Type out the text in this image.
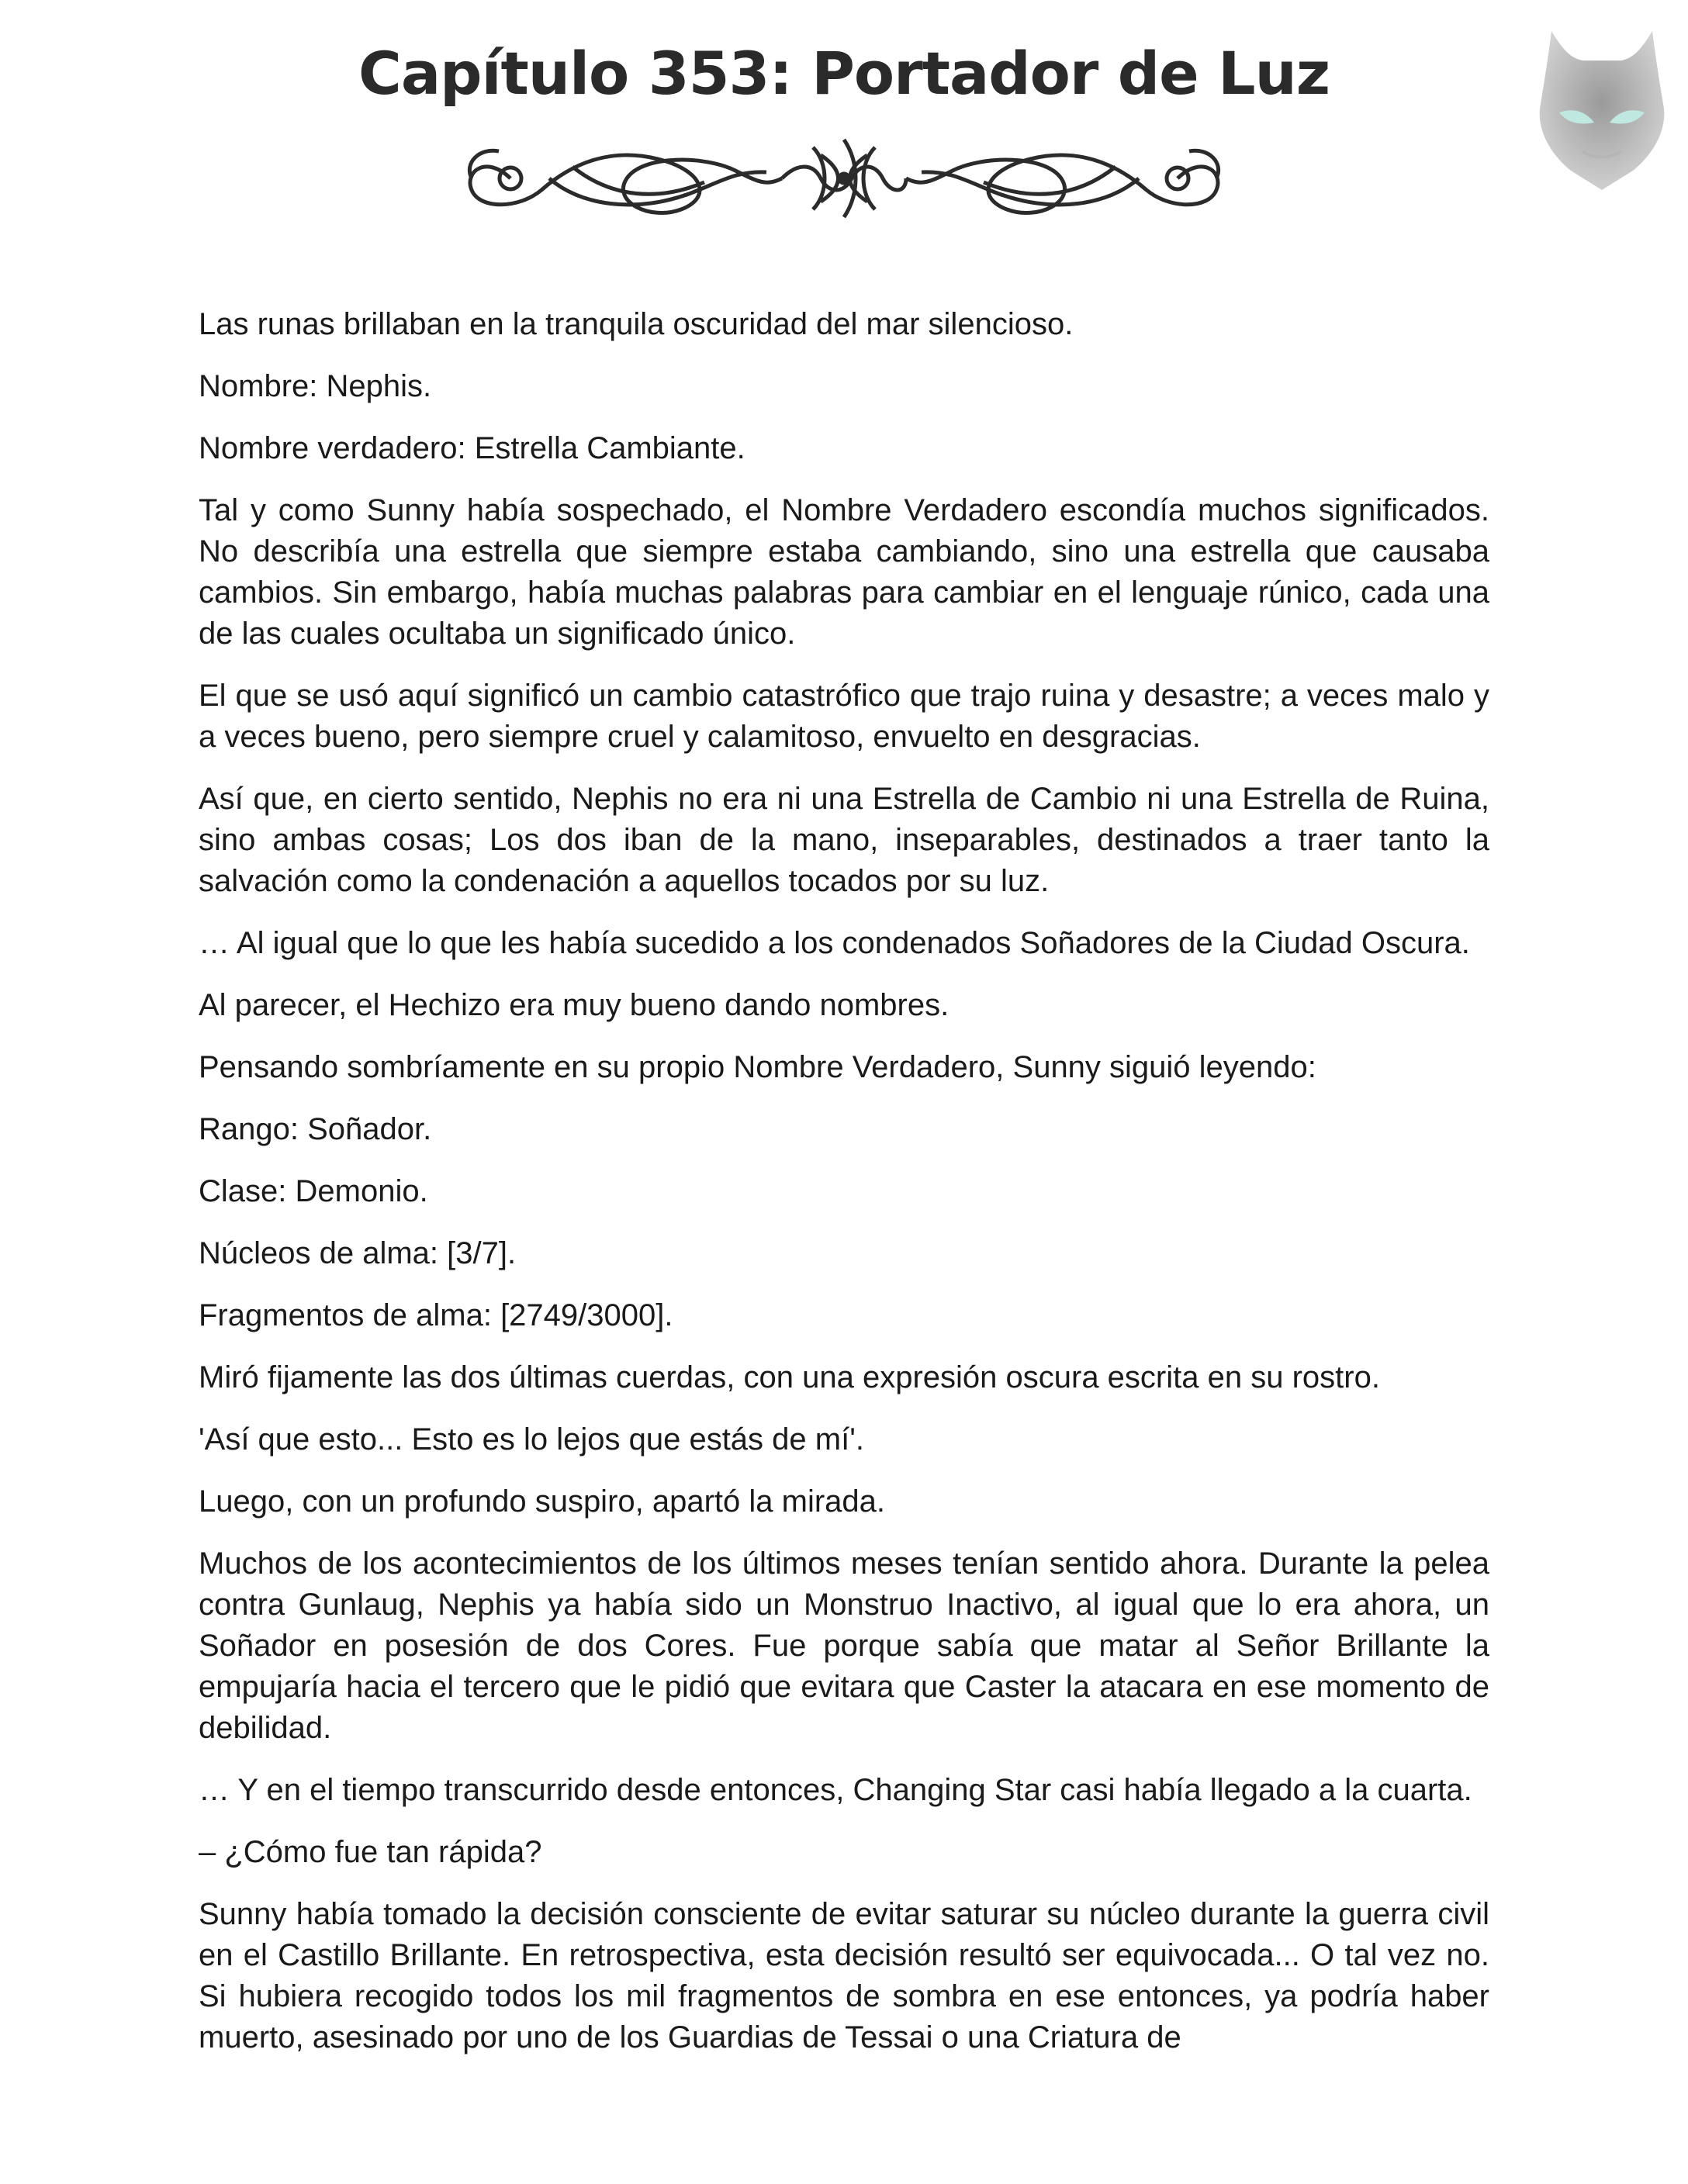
Capítulo 353: Portador de Luz

Las runas brillaban en la tranquila oscuridad del mar silencioso.

Nombre: Nephis.

Nombre verdadero: Estrella Cambiante.

Tal y como Sunny había sospechado, el Nombre Verdadero escondía muchos significados. No describía una estrella que siempre estaba cambiando, sino una estrella que causaba cambios. Sin embargo, había muchas palabras para cambiar en el lenguaje rúnico, cada una de las cuales ocultaba un significado único.

El que se usó aquí significó un cambio catastrófico que trajo ruina y desastre; a veces malo y a veces bueno, pero siempre cruel y calamitoso, envuelto en desgracias.

Así que, en cierto sentido, Nephis no era ni una Estrella de Cambio ni una Estrella de Ruina, sino ambas cosas; Los dos iban de la mano, inseparables, destinados a traer tanto la salvación como la condenación a aquellos tocados por su luz.

… Al igual que lo que les había sucedido a los condenados Soñadores de la Ciudad Oscura.

Al parecer, el Hechizo era muy bueno dando nombres.

Pensando sombríamente en su propio Nombre Verdadero, Sunny siguió leyendo:

Rango: Soñador.

Clase: Demonio.

Núcleos de alma: [3/7].

Fragmentos de alma: [2749/3000].

Miró fijamente las dos últimas cuerdas, con una expresión oscura escrita en su rostro.

'Así que esto... Esto es lo lejos que estás de mí'.

Luego, con un profundo suspiro, apartó la mirada.

Muchos de los acontecimientos de los últimos meses tenían sentido ahora. Durante la pelea contra Gunlaug, Nephis ya había sido un Monstruo Inactivo, al igual que lo era ahora, un Soñador en posesión de dos Cores. Fue porque sabía que matar al Señor Brillante la empujaría hacia el tercero que le pidió que evitara que Caster la atacara en ese momento de debilidad.

… Y en el tiempo transcurrido desde entonces, Changing Star casi había llegado a la cuarta.

– ¿Cómo fue tan rápida?

Sunny había tomado la decisión consciente de evitar saturar su núcleo durante la guerra civil en el Castillo Brillante. En retrospectiva, esta decisión resultó ser equivocada... O tal vez no. Si hubiera recogido todos los mil fragmentos de sombra en ese entonces, ya podría haber muerto, asesinado por uno de los Guardias de Tessai o una Criatura de
